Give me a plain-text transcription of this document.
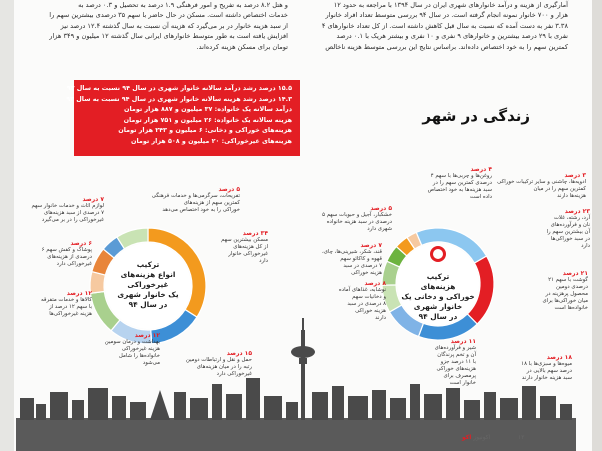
آمارگیری از هزینه و درآمد خانوارهای شهری ایران در سال ۱۳۹۴ با مراجعه به حدود ۱۲

هزار و ۷۰۰ خانوار نمونه انجام گرفته است. در سال ۹۴ بررسی متوسط تعداد افراد خانوار

۳.۳۸ نفر به دست آمده که نسبت به سال قبل کاهش داشته است. از کل تعداد خانوارهای ۴

نفری با ۲۹ درصد بیشترین و خانوارهای ۹ نفری و ۱۰ نفری و بیشتر هریک با ۰.۱ درصد

کمترین سهم را به خود اختصاص داده‌اند. براساس نتایج این بررسی متوسط هزینه ناخالص

و هتل ۸.۲ درصد به تفریح و امور فرهنگی ۱.۹ درصد به تحصیل و ۰.۳ درصد به

خدمات اختصاص داشته است. مسکن در حال حاضر با سهم ۳۵ درصدی بیشترین سهم را

از سبد هزینه خانوار در بر می‌گیرد که هزینه آن نسبت به سال گذشته ۱۲.۴ درصد نیز

افزایش یافته است به طور متوسط خانوارهای ایرانی سال گذشته ۱۲ میلیون و ۳۴۹ هزار

تومان برای مسکن هزینه کرده‌اند.

۱۵.۵ درصد رشد درآمد سالانه خانوار شهری در سال ۹۴ نسبت به سال ۹۳

۱۴.۳ درصد رشد هزینه سالانه خانوار شهری در سال ۹۴ نسبت به سال ۹۳

درآمد سالانه یک خانواده: ۳۷ میلیون و ۸۸۷ هزار تومان

هزینه سالانه یک خانواده: ۲۶ میلیون و ۷۵۱ هزار تومان

هزینه‌های خوراکی و دخانی: ۶ میلیون و ۲۴۳ هزار تومان

هزینه‌های غیرخوراکی: ۲۰ میلیون و ۵۰۸ هزار تومان

زندگی در شهر
ترکیب
انواع هزینه‌های
غیرخوراکی
یک خانوار شهری
در سال ۹۴
ترکیب
هزینه‌های
خوراکی و دخانی یک
خانوار شهری
در سال ۹۴
۳۴ درصد
مسکن بیشترین سهم
از کل هزینه‌های
غیرخوراکی خانوار
دارد
۱۵ درصد
حمل و نقل و ارتباطات دومین
رتبه را در میان هزینه‌های
غیرخوراکی دارد
۱۲ درصد
بهداشت و درمان سومین
هزینه غیرخوراکی
خانواده‌ها را شامل
می‌شود
۱۲ درصد
کالاها و خدمات متفرقه
با سهم ۱۲ درصد از
هزینه غیرخوراکی‌ها
۶ درصد
پوشاک و کفش سهم ۶
درصدی از هزینه‌های
غیرخوراکی دارد
۷ درصد
لوازم اثاث و خدمات خانوار سهم
۷ درصدی از سبد هزینه‌های
غیرخوراکی را در بر می‌گیرد
۵ درصد
تفریحات، سرگرمی‌ها و خدمات فرهنگی
کمترین سهم از هزینه‌های
خوراکی را به خود اختصاص می‌دهد
۲۱ درصد
گوشت با سهم ۲۱
درصدی دومین
محصول پرهزینه در
میان خوراکی‌ها برای
خانواده‌ها است
۱۸ درصد
میوه‌ها و سبزی‌ها با ۱۸
درصد سهم بالایی در
سبد هزینه خانوار دارند
۱۱ درصد
شیر و فرآورده‌های
آن و تخم پرندگان
با ۱۱ درصد جزو
هزینه‌های خوراکی
پرمصرف برای
خانوار است
۸ درصد
نوشابه، غذاهای آماده
و دخانیات سهم
۸ درصدی در سبد
هزینه خوراکی
دارند
۷ درصد
قند، شکر، شیرینی‌ها، چای،
قهوه و کاکائو سهم
۷ درصدی در سبد
هزینه خوراکی
۵ درصد
خشکبار، آجیل و حبوبات سهم ۵
درصدی در سبد هزینه خانواده
شهری دارد
۴ درصد
روغن‌ها و چربی‌ها با سهم ۴
درصدی کمترین سهم را در
سبد هزینه‌ها به خود اختصاص
داده است
۳ درصد
ادویه‌ها، چاشنی و سایر ترکیبات خوراکی
کمترین سهم را در میان
هزینه‌ها دارند
۲۳ درصد
آرد، رشته، غلات
نان و فرآورده‌های
آن بیشترین سهم را
در سبد خوراکی‌ها
دارد
اکونیوز اکو	۱۲
